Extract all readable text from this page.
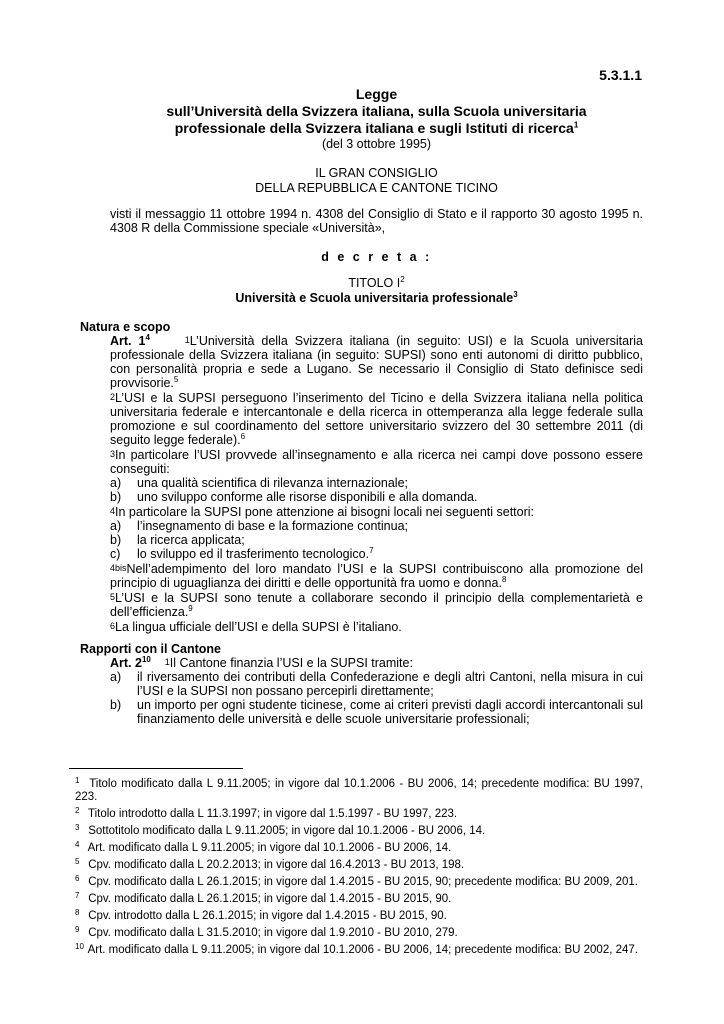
5.3.1.1
Legge
sull’Università della Svizzera italiana, sulla Scuola universitaria
professionale della Svizzera italiana e sugli Istituti di ricerca$^1$
(del 3 ottobre 1995)
IL GRAN CONSIGLIO
DELLA REPUBBLICA E CANTONE TICINO
visti il messaggio 11 ottobre 1994 n. 4308 del Consiglio di Stato e il rapporto 30 agosto 1995 n. 4308 R della Commissione speciale «Università»,
d e c r e t a :
TITOLO $I^2$
Università e Scuola universitaria professionale$^3$
Natura e scopo
Art. $1^4$	1L’Università della Svizzera italiana (in seguito: USI) e la Scuola universitaria professionale della Svizzera italiana (in seguito: SUPSI) sono enti autonomi di diritto pubblico, con personalità propria e sede a Lugano. Se necessario il Consiglio di Stato definisce sedi provvisorie.$^5$
2L’USI e la SUPSI perseguono l’inserimento del Ticino e della Svizzera italiana nella politica universitaria federale e intercantonale e della ricerca in ottemperanza alla legge federale sulla promozione e sul coordinamento del settore universitario svizzero del 30 settembre 2011 (di seguito legge federale).$^6$
3In particolare l’USI provvede all’insegnamento e alla ricerca nei campi dove possono essere conseguiti:
a) una qualità scientifica di rilevanza internazionale;
b) uno sviluppo conforme alle risorse disponibili e alla domanda.
4In particolare la SUPSI pone attenzione ai bisogni locali nei seguenti settori:
a) l’insegnamento di base e la formazione continua;
b) la ricerca applicata;
c) lo sviluppo ed il trasferimento tecnologico.$^7$
4bisNell’adempimento del loro mandato l’USI e la SUPSI contribuiscono alla promozione del principio di uguaglianza dei diritti e delle opportunità fra uomo e donna.$^8$
5L’USI e la SUPSI sono tenute a collaborare secondo il principio della complementarietà e dell’efficienza.$^9$
6La lingua ufficiale dell’USI e della SUPSI è l’italiano.
Rapporti con il Cantone
Art. $2^{10}$ 1Il Cantone finanzia l’USI e la SUPSI tramite:
a) il riversamento dei contributi della Confederazione e degli altri Cantoni, nella misura in cui l’USI e la SUPSI non possano percepirli direttamente;
b) un importo per ogni studente ticinese, come ai criteri previsti dagli accordi intercantonali sul finanziamento delle università e delle scuole universitarie professionali;
1 Titolo modificato dalla L 9.11.2005; in vigore dal 10.1.2006 - BU 2006, 14; precedente modifica: BU 1997, 223.
2 Titolo introdotto dalla L 11.3.1997; in vigore dal 1.5.1997 - BU 1997, 223.
3 Sottotitolo modificato dalla L 9.11.2005; in vigore dal 10.1.2006 - BU 2006, 14.
4 Art. modificato dalla L 9.11.2005; in vigore dal 10.1.2006 - BU 2006, 14.
5 Cpv. modificato dalla L 20.2.2013; in vigore dal 16.4.2013 - BU 2013, 198.
6 Cpv. modificato dalla L 26.1.2015; in vigore dal 1.4.2015 - BU 2015, 90; precedente modifica: BU 2009, 201.
7 Cpv. modificato dalla L 26.1.2015; in vigore dal 1.4.2015 - BU 2015, 90.
8 Cpv. introdotto dalla L 26.1.2015; in vigore dal 1.4.2015 - BU 2015, 90.
9 Cpv. modificato dalla L 31.5.2010; in vigore dal 1.9.2010 - BU 2010, 279.
10 Art. modificato dalla L 9.11.2005; in vigore dal 10.1.2006 - BU 2006, 14; precedente modifica: BU 2002, 247.
